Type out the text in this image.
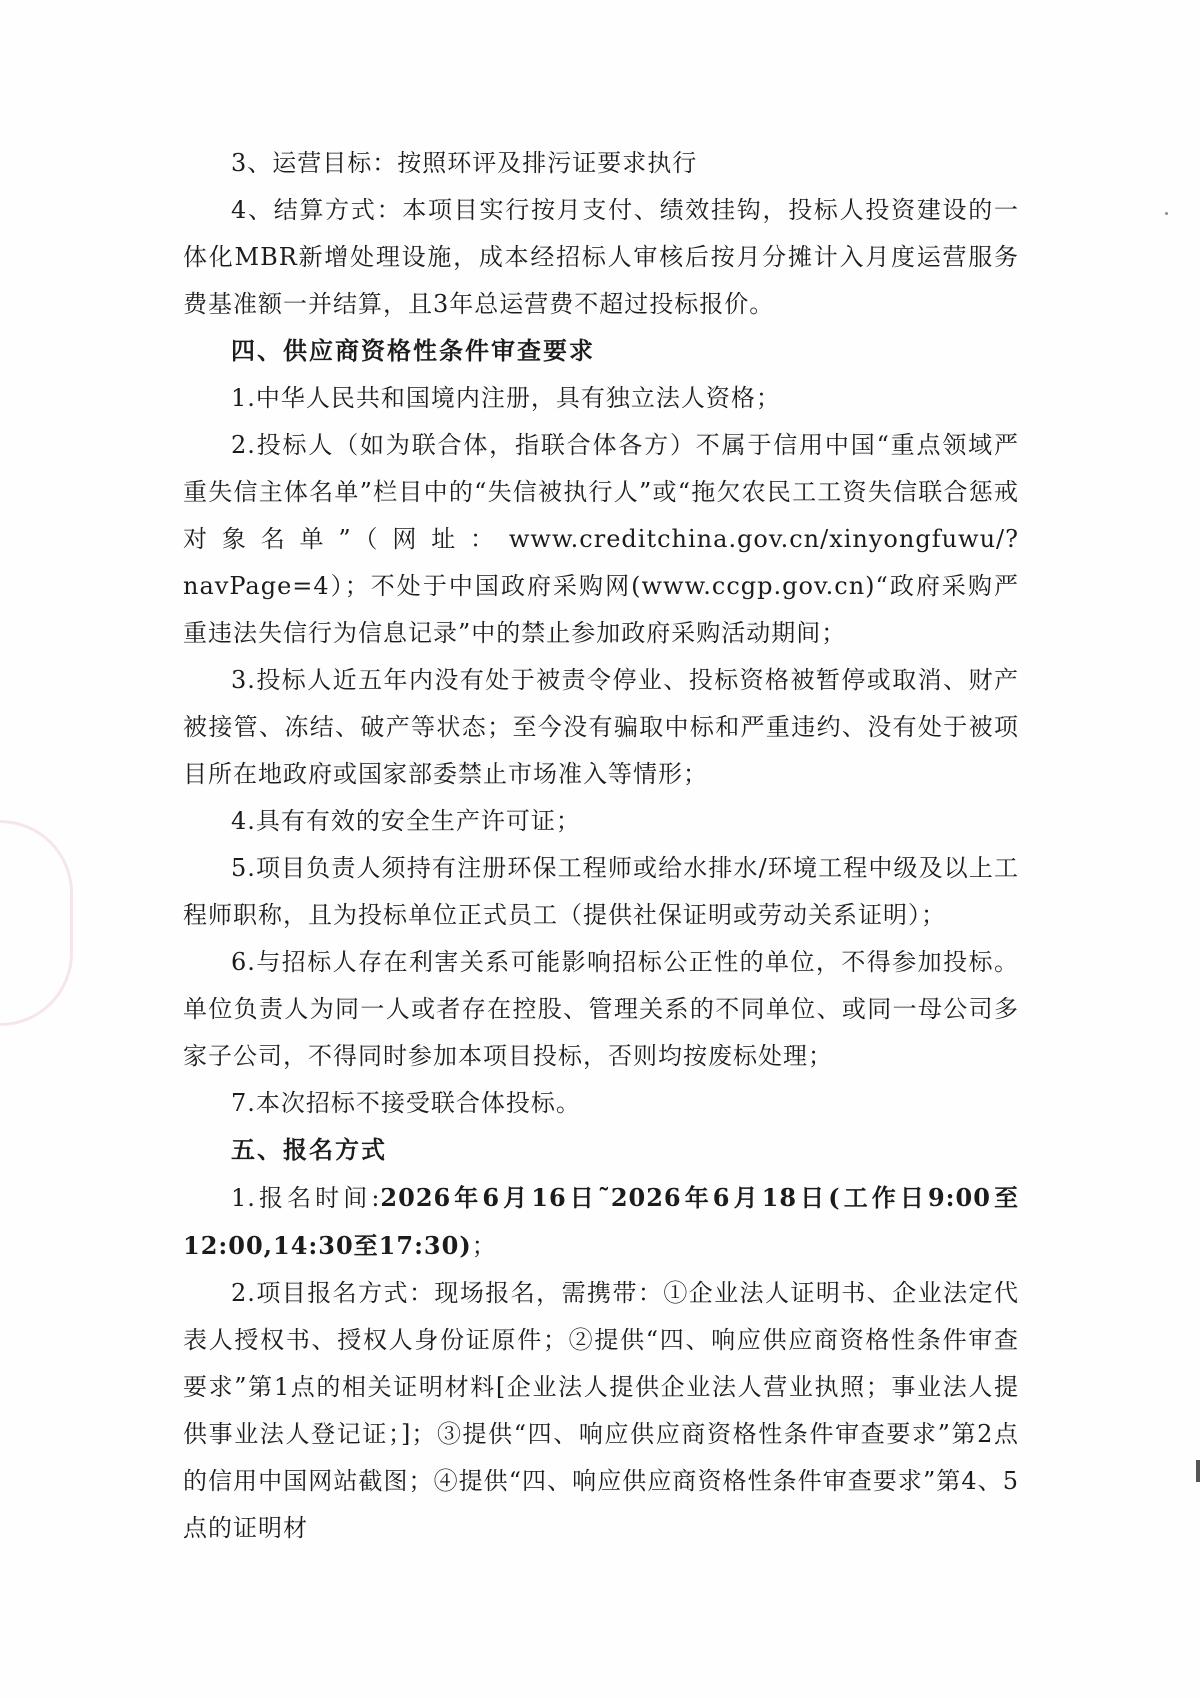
3、运营目标：按照环评及排污证要求执行

4、结算方式：本项目实行按月支付、绩效挂钩，投标人投资建设的一体化MBR新增处理设施，成本经招标人审核后按月分摊计入月度运营服务费基准额一并结算，且3年总运营费不超过投标报价。

四、供应商资格性条件审查要求

1.中华人民共和国境内注册，具有独立法人资格；

2.投标人（如为联合体，指联合体各方）不属于信用中国“重点领域严重失信主体名单”栏目中的“失信被执行人”或“拖欠农民工工资失信联合惩戒对象名单”（网址：www.creditchina.gov.cn/xinyongfuwu/?navPage=4）；不处于中国政府采购网(www.ccgp.gov.cn)“政府采购严重违法失信行为信息记录”中的禁止参加政府采购活动期间；

3.投标人近五年内没有处于被责令停业、投标资格被暂停或取消、财产被接管、冻结、破产等状态；至今没有骗取中标和严重违约、没有处于被项目所在地政府或国家部委禁止市场准入等情形；

4.具有有效的安全生产许可证；

5.项目负责人须持有注册环保工程师或给水排水/环境工程中级及以上工程师职称，且为投标单位正式员工（提供社保证明或劳动关系证明）；

6.与招标人存在利害关系可能影响招标公正性的单位，不得参加投标。单位负责人为同一人或者存在控股、管理关系的不同单位、或同一母公司多家子公司，不得同时参加本项目投标，否则均按废标处理；

7.本次招标不接受联合体投标。

五、报名方式

1.报名时间:2026年6月16日˜2026年6月18日(工作日9:00至12:00,14:30至17:30)；

2.项目报名方式：现场报名，需携带：①企业法人证明书、企业法定代表人授权书、授权人身份证原件；②提供“四、响应供应商资格性条件审查要求”第1点的相关证明材料[企业法人提供企业法人营业执照；事业法人提供事业法人登记证；]；③提供“四、响应供应商资格性条件审查要求”第2点的信用中国网站截图；④提供“四、响应供应商资格性条件审查要求”第4、5点的证明材
